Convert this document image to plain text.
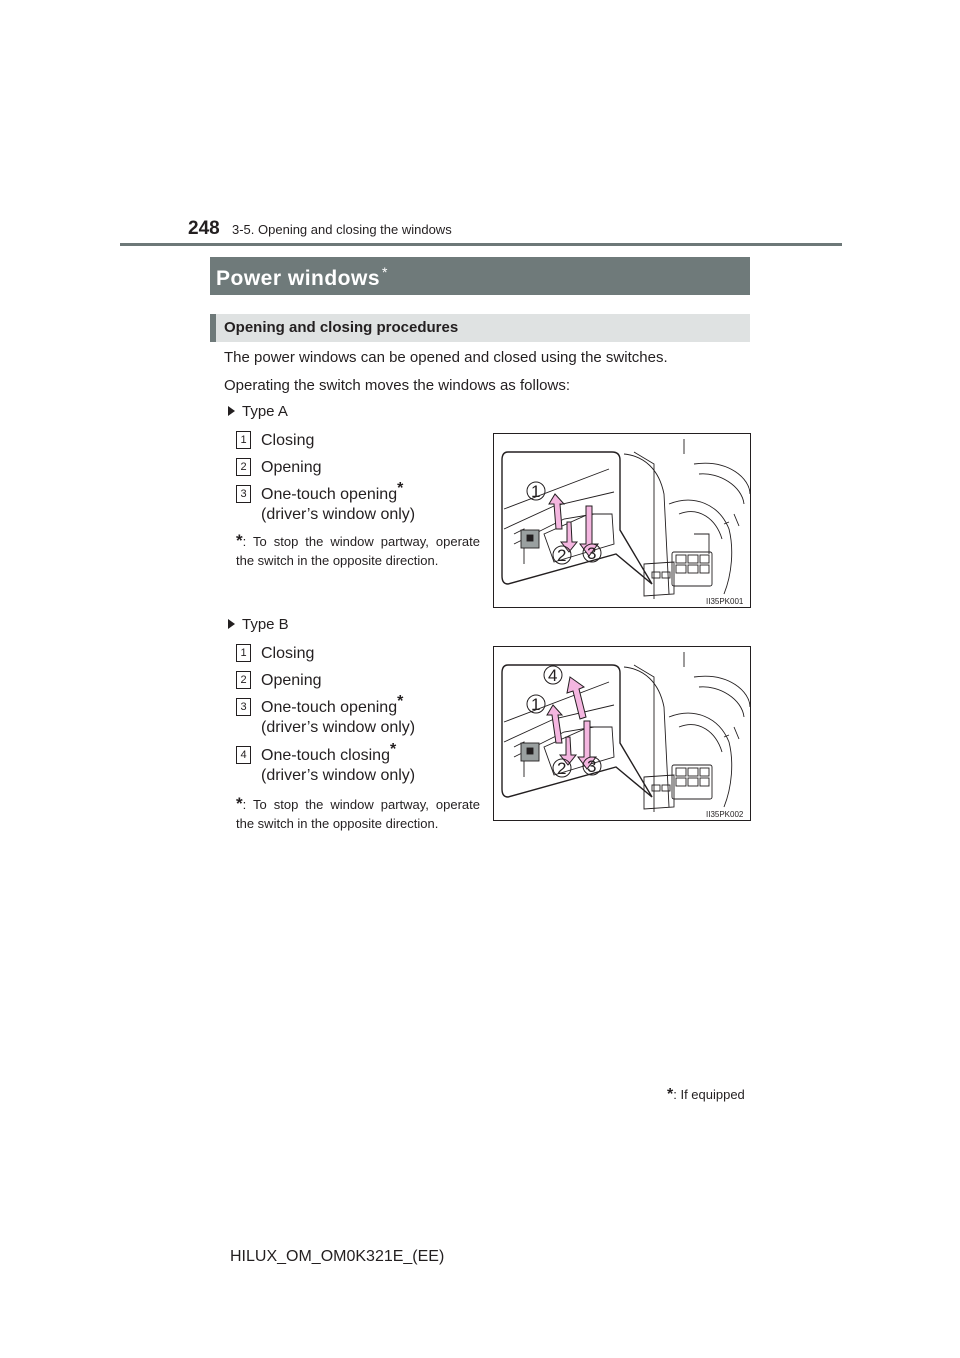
248 3-5. Opening and closing the windows
Power windows *
Opening and closing procedures
The power windows can be opened and closed using the switches.
Operating the switch moves the windows as follows:
Type A
1 Closing
2 Opening
3 One-touch opening*
(driver’s window only)
*: To stop the window partway, operate the switch in the opposite direction.
1
2 3
II35PK001
Type B
1 Closing
2 Opening
3 One-touch opening*
(driver’s window only)
4 One-touch closing*
(driver’s window only)
*: To stop the window partway, operate the switch in the opposite direction.
4
1
2 3
II35PK002
*: If equipped
HILUX_OM_OM0K321E_(EE)
